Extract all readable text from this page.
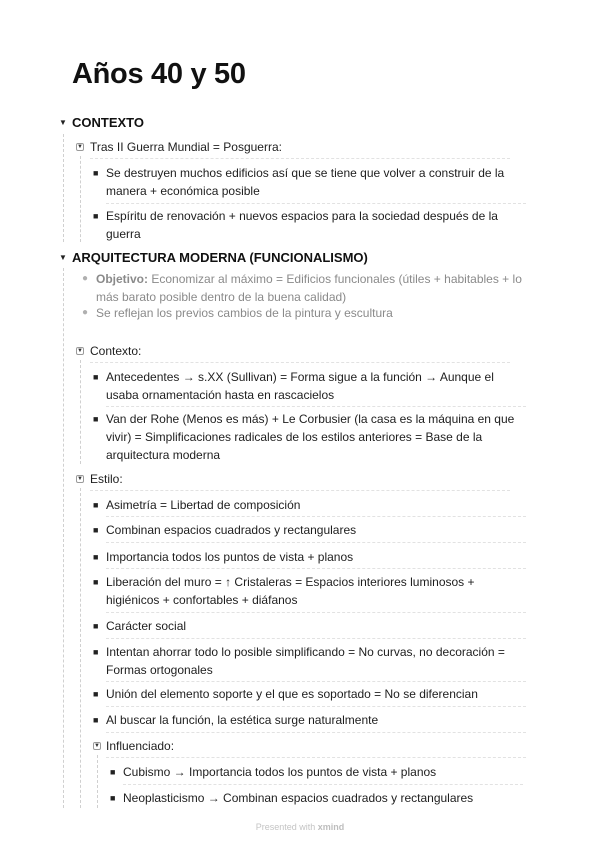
Años 40 y 50
▼ CONTEXTO
▼ Tras II Guerra Mundial = Posguerra:
■ Se destruyen muchos edificios así que se tiene que volver a construir de la
manera + económica posible
■ Espíritu de renovación + nuevos espacios para la sociedad después de la
guerra
▼ ARQUITECTURA MODERNA (FUNCIONALISMO)
● Objetivo: Economizar al máximo = Edificios funcionales (útiles + habitables + lo
más barato posible dentro de la buena calidad)
● Se reflejan los previos cambios de la pintura y escultura
▼ Contexto:
■ Antecedentes → s.XX (Sullivan) = Forma sigue a la función → Aunque el
usaba ornamentación hasta en rascacielos
■ Van der Rohe (Menos es más) + Le Corbusier (la casa es la máquina en que
vivir) = Simplificaciones radicales de los estilos anteriores = Base de la
arquitectura moderna
▼ Estilo:
■ Asimetría = Libertad de composición
■ Combinan espacios cuadrados y rectangulares
■ Importancia todos los puntos de vista + planos
■ Liberación del muro = ↑ Cristaleras = Espacios interiores luminosos +
higiénicos + confortables + diáfanos
■ Carácter social
■ Intentan ahorrar todo lo posible simplificando = No curvas, no decoración =
Formas ortogonales
■ Unión del elemento soporte y el que es soportado = No se diferencian
■ Al buscar la función, la estética surge naturalmente
▼ Influenciado:
■ Cubismo → Importancia todos los puntos de vista + planos
■ Neoplasticismo → Combinan espacios cuadrados y rectangulares
Presented with xmind
